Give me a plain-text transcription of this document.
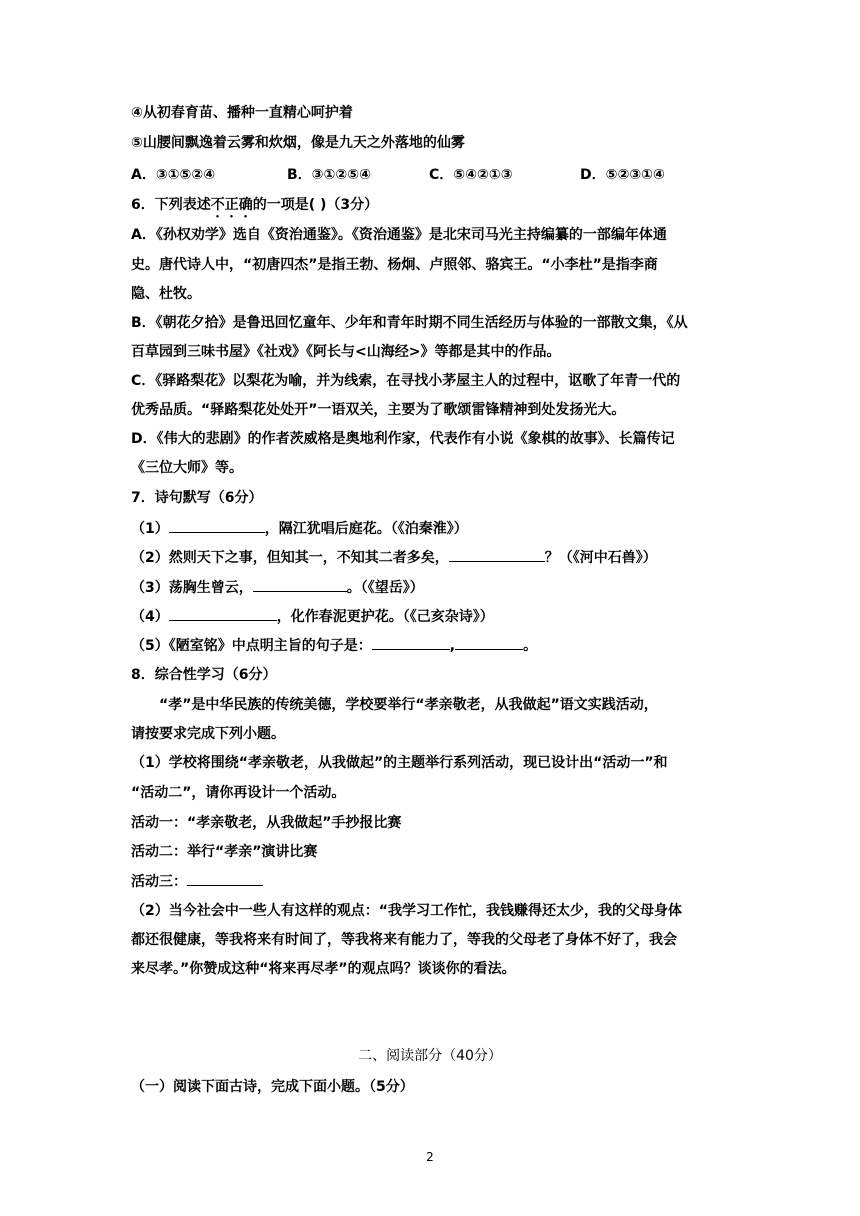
④从初春育苗、播种一直精心呵护着
⑤山腰间飘逸着云雾和炊烟，像是九天之外落地的仙雾
A．③①⑤②④	B．③①②⑤④	C．⑤④②①③	D．⑤②③①④
6．下列表述不正确的一项是( )（3分）
A．《孙权劝学》选自《资治通鉴》。《资治通鉴》是北宋司马光主持编纂的一部编年体通
史。唐代诗人中，“初唐四杰”是指王勃、杨炯、卢照邻、骆宾王。“小李杜”是指李商
隐、杜牧。
B．《朝花夕拾》是鲁迅回忆童年、少年和青年时期不同生活经历与体验的一部散文集，《从
百草园到三味书屋》《社戏》《阿长与<山海经>》等都是其中的作品。
C．《驿路梨花》以梨花为喻，并为线索，在寻找小茅屋主人的过程中，讴歌了年青一代的
优秀品质。“驿路梨花处处开”一语双关，主要为了歌颂雷锋精神到处发扬光大。
D．《伟大的悲剧》的作者茨威格是奥地利作家，代表作有小说《象棋的故事》、长篇传记
《三位大师》等。
7．诗句默写（6分）
（1）	，隔江犹唱后庭花。（《泊秦淮》）
（2）然则天下之事，但知其一，不知其二者多矣，	？（《河中石兽》）
（3）荡胸生曾云，	。（《望岳》）
（4）	，化作春泥更护花。（《己亥杂诗》）
（5）《陋室铭》中点明主旨的句子是：	,	。
8．综合性学习（6分）
“孝”是中华民族的传统美德，学校要举行“孝亲敬老，从我做起”语文实践活动，
请按要求完成下列小题。
（1）学校将围绕“孝亲敬老，从我做起”的主题举行系列活动，现已设计出“活动一”和
“活动二”，请你再设计一个活动。
活动一：“孝亲敬老，从我做起”手抄报比赛
活动二：举行“孝亲”演讲比赛
活动三：
（2）当今社会中一些人有这样的观点：“我学习工作忙，我钱赚得还太少，我的父母身体
都还很健康，等我将来有时间了，等我将来有能力了，等我的父母老了身体不好了，我会
来尽孝。”你赞成这种“将来再尽孝”的观点吗？谈谈你的看法。
二、阅读部分（40分）
（一）阅读下面古诗，完成下面小题。（5分）
2
